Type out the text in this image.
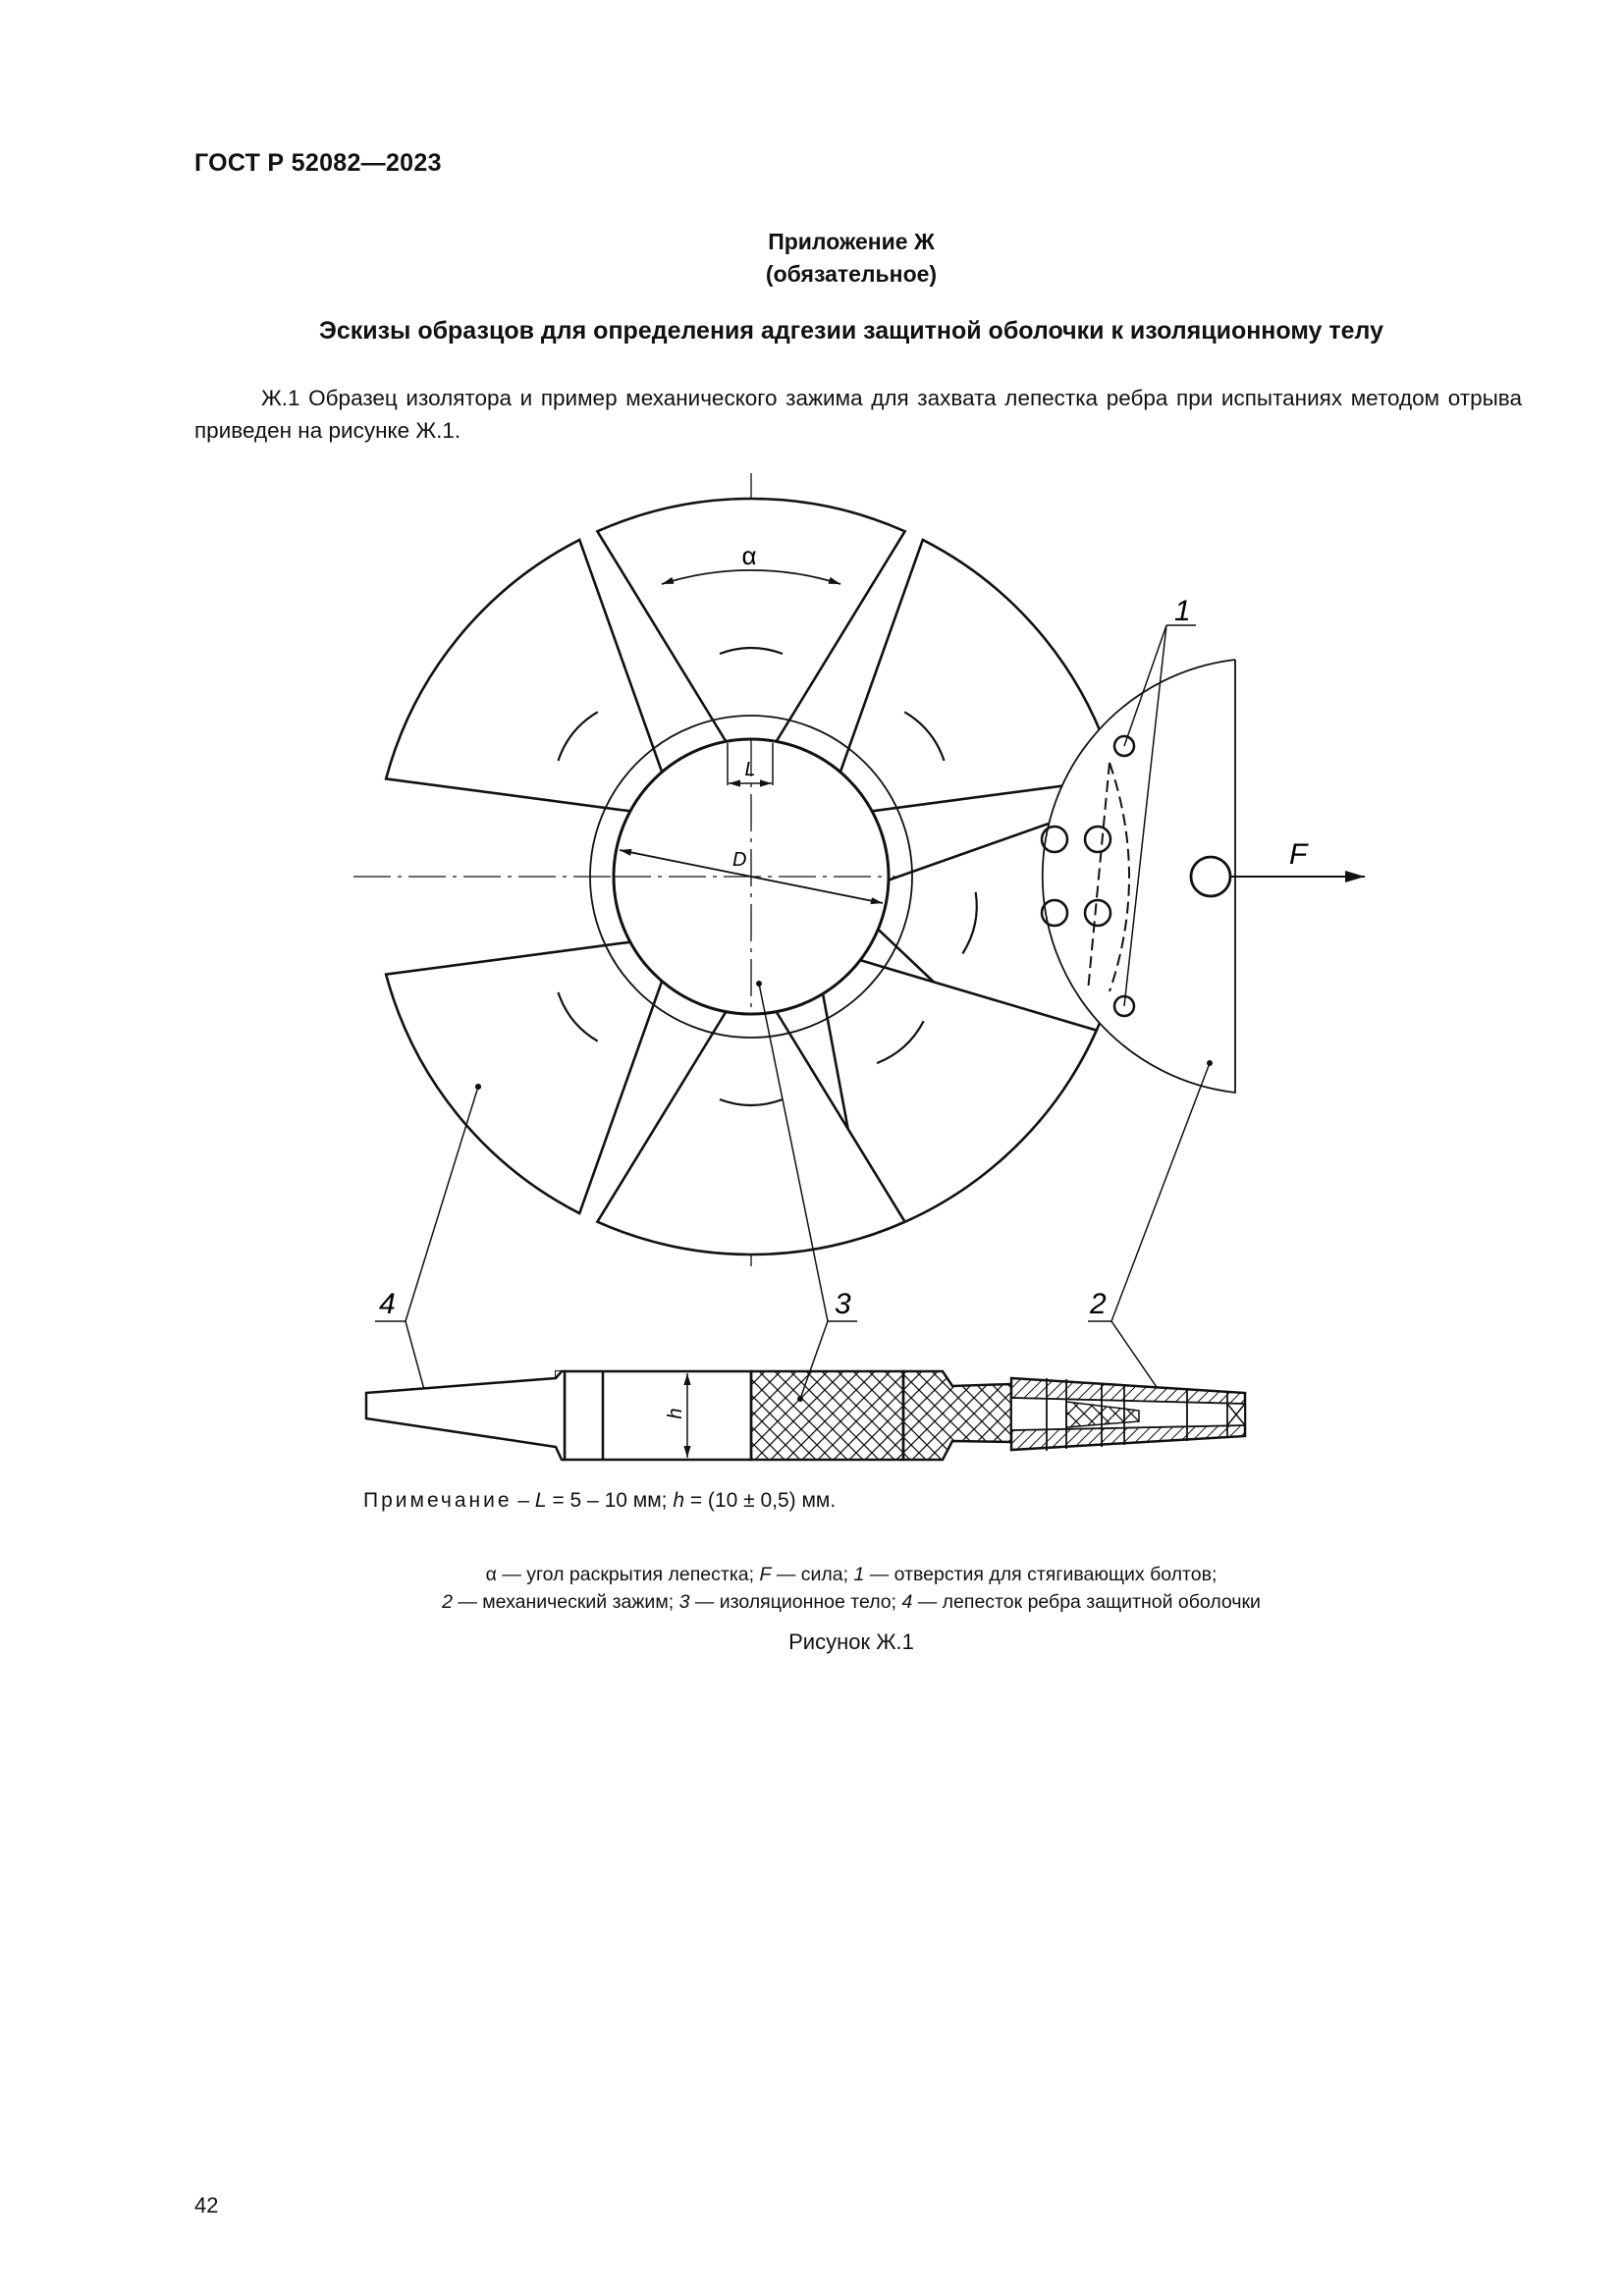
ГОСТ Р 52082—2023
Приложение Ж
(обязательное)
Эскизы образцов для определения адгезии защитной оболочки к изоляционному телу
Ж.1 Образец изолятора и пример механического зажима для захвата лепестка ребра при испытаниях методом отрыва приведен на рисунке Ж.1.
α
L
D	F
1
4	3	2
h
Примечание – L = 5 – 10 мм; h = (10 ± 0,5) мм.
α — угол раскрытия лепестка; F — сила; 1 — отверстия для стягивающих болтов;
2 — механический зажим; 3 — изоляционное тело; 4 — лепесток ребра защитной оболочки
Рисунок Ж.1
42
